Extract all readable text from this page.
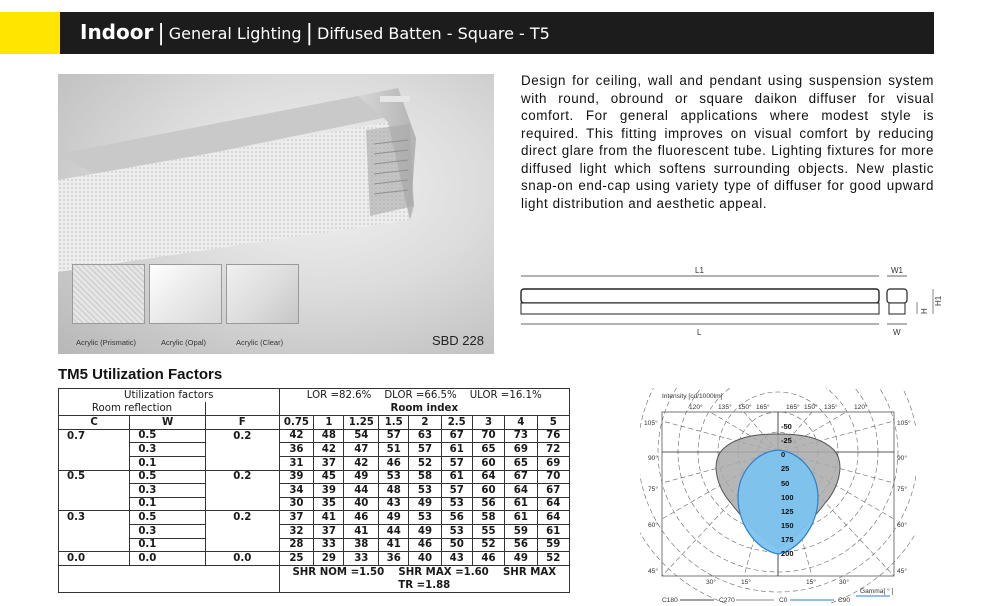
Indoor | General Lighting | Diffused Batten - Square - T5
Acrylic (Prismatic)	Acrylic (Opal)	Acrylic (Clear)	SBD 228
Design for ceiling, wall and pendant using suspension system with round, obround or square daikon diffuser for visual comfort. For general applications where modest style is required. This fitting improves on visual comfort by reducing direct glare from the fluorescent tube. Lighting fixtures for more diffused light which softens surrounding objects. New plastic snap-on end-cap using variety type of diffuser for good upward light distribution and aesthetic appeal.
L1	W1
H
H1
L	W
TM5 Utilization Factors
Utilization factors			LOR =82.6% DLOR =66.5% ULOR =16.1%								
Room reflection			Room index								
C	W	F	0.75	1	1.25	1.5	2	2.5	3	4	5
0.7	0.5	0.2	42	48	54	57	63	67	70	73	76
	0.3		36	42	47	51	57	61	65	69	72
	0.1		31	37	42	46	52	57	60	65	69
0.5	0.5	0.2	39	45	49	53	58	61	64	67	70
	0.3		34	39	44	48	53	57	60	64	67
	0.1		30	35	40	43	49	53	56	61	64
0.3	0.5	0.2	37	41	46	49	53	56	58	61	64
	0.3		32	37	41	44	49	53	55	59	61
	0.1		28	33	38	41	46	50	52	56	59
0.0	0.0	0.0	25	29	33	36	40	43	46	49	52
			SHR NOM =1.50    SHR MAX =1.60    SHR MAX								
			TR =1.88								
Intensity [cd/1000lm]
120° 135° 150° 165° 165° 150° 135° 120°
-50
-25
0
25
50
100
125
150
175
200
105°
90°
75°
60°
45°
105°
90°
75°
60°
45°
30°	15°	15°	30°
Gamma[ ° ]
C180	C270	C0	C90
